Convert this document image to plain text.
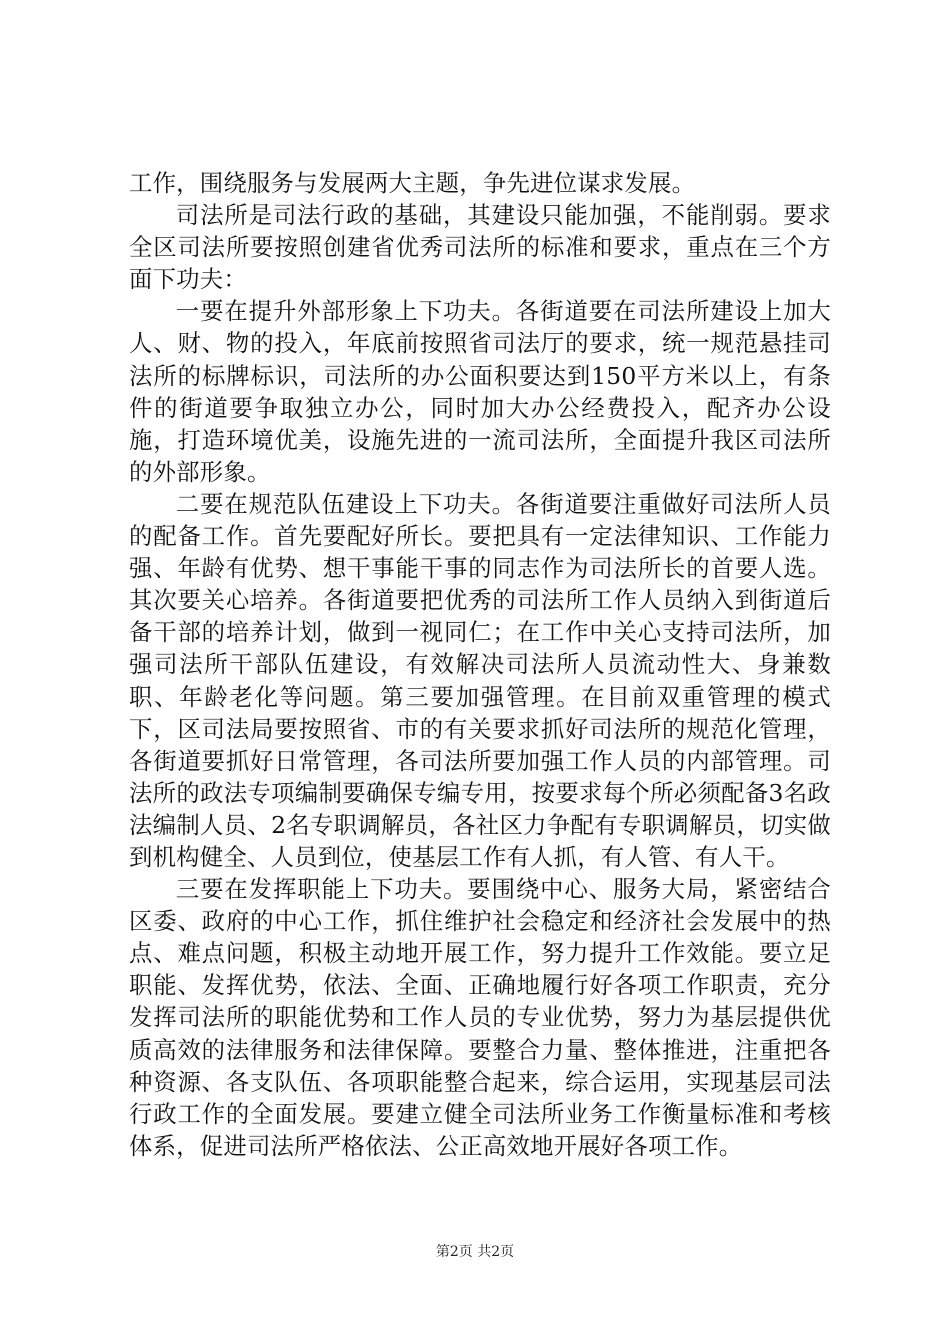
工作，围绕服务与发展两大主题，争先进位谋求发展。

司法所是司法行政的基础，其建设只能加强，不能削弱。要求全区司法所要按照创建省优秀司法所的标准和要求，重点在三个方面下功夫：

一要在提升外部形象上下功夫。各街道要在司法所建设上加大人、财、物的投入，年底前按照省司法厅的要求，统一规范悬挂司法所的标牌标识，司法所的办公面积要达到150平方米以上，有条件的街道要争取独立办公，同时加大办公经费投入，配齐办公设施，打造环境优美，设施先进的一流司法所，全面提升我区司法所的外部形象。

二要在规范队伍建设上下功夫。各街道要注重做好司法所人员的配备工作。首先要配好所长。要把具有一定法律知识、工作能力强、年龄有优势、想干事能干事的同志作为司法所长的首要人选。其次要关心培养。各街道要把优秀的司法所工作人员纳入到街道后备干部的培养计划，做到一视同仁；在工作中关心支持司法所，加强司法所干部队伍建设，有效解决司法所人员流动性大、身兼数职、年龄老化等问题。第三要加强管理。在目前双重管理的模式下，区司法局要按照省、市的有关要求抓好司法所的规范化管理，各街道要抓好日常管理，各司法所要加强工作人员的内部管理。司法所的政法专项编制要确保专编专用，按要求每个所必须配备3名政法编制人员、2名专职调解员，各社区力争配有专职调解员，切实做到机构健全、人员到位，使基层工作有人抓，有人管、有人干。

三要在发挥职能上下功夫。要围绕中心、服务大局，紧密结合区委、政府的中心工作，抓住维护社会稳定和经济社会发展中的热点、难点问题，积极主动地开展工作，努力提升工作效能。要立足职能、发挥优势，依法、全面、正确地履行好各项工作职责，充分发挥司法所的职能优势和工作人员的专业优势，努力为基层提供优质高效的法律服务和法律保障。要整合力量、整体推进，注重把各种资源、各支队伍、各项职能整合起来，综合运用，实现基层司法行政工作的全面发展。要建立健全司法所业务工作衡量标准和考核体系，促进司法所严格依法、公正高效地开展好各项工作。

第2页 共2页
